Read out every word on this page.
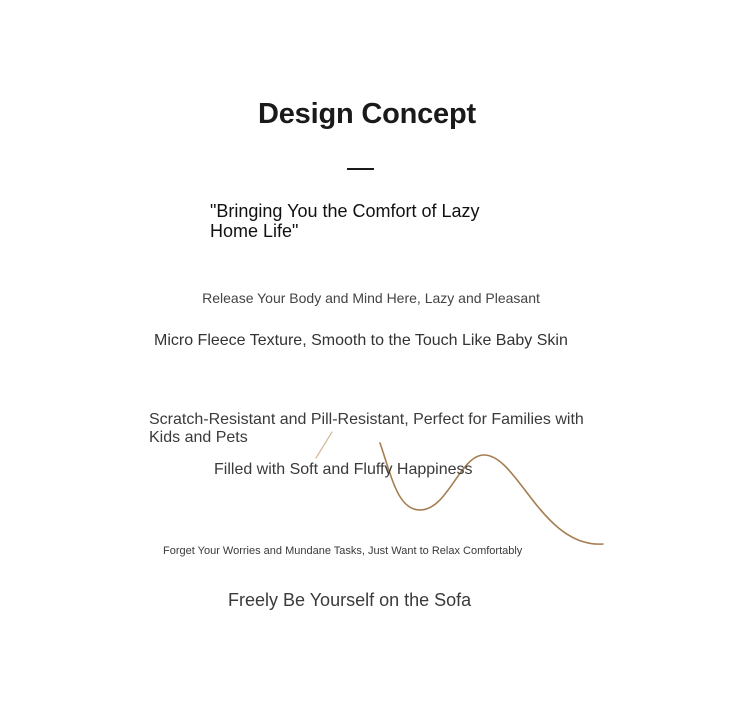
Design Concept
"Bringing You the Comfort of Lazy Home Life"
Release Your Body and Mind Here, Lazy and Pleasant
Micro Fleece Texture, Smooth to the Touch Like Baby Skin
Scratch-Resistant and Pill-Resistant, Perfect for Families with Kids and Pets
Filled with Soft and Fluffy Happiness
Forget Your Worries and Mundane Tasks, Just Want to Relax Comfortably
Freely Be Yourself on the Sofa
